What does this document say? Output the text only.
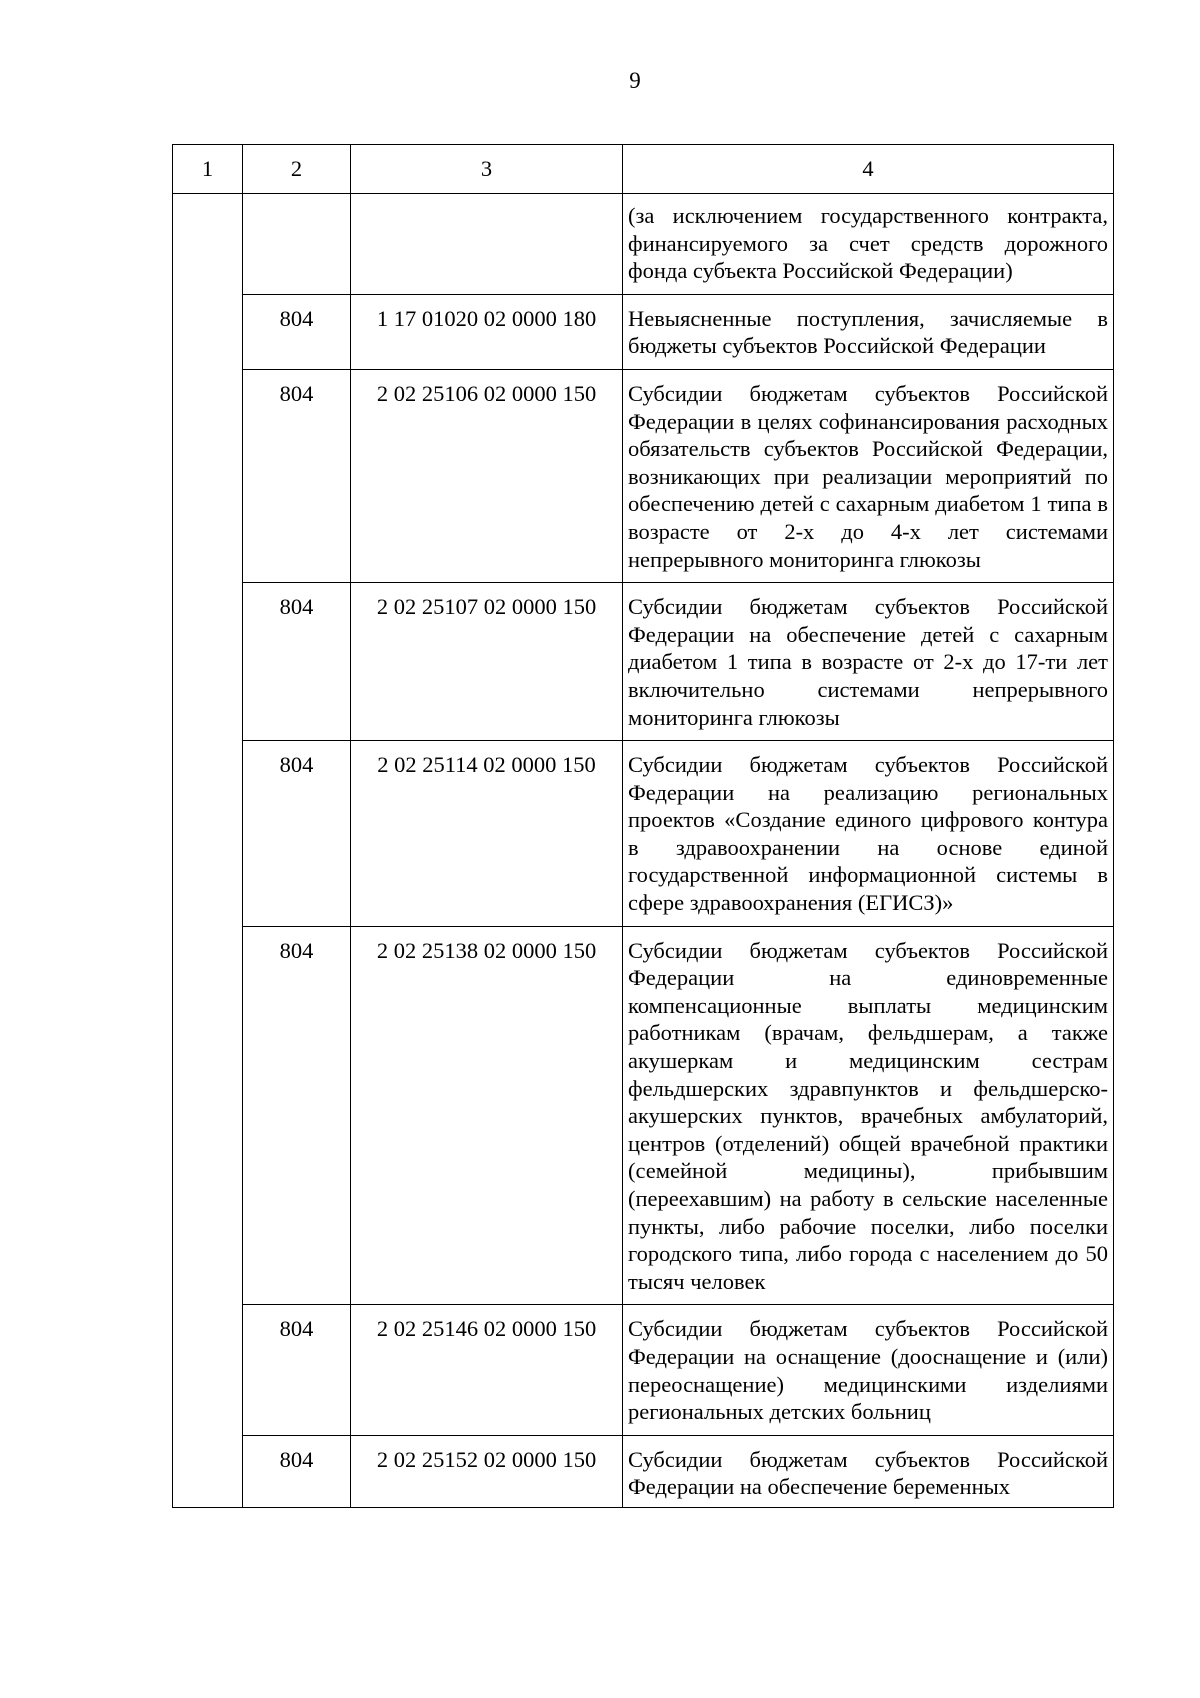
9
1	2	3	4
			(за исключением государственного контракта, финансируемого за счет средств дорожного фонда субъекта Российской Федерации)
	804	1 17 01020 02 0000 180	Невыясненные поступления, зачисляемые в бюджеты субъектов Российской Федерации
	804	2 02 25106 02 0000 150	Субсидии бюджетам субъектов Российской Федерации в целях софинансирования расходных обязательств субъектов Российской Федерации, возникающих при реализации мероприятий по обеспечению детей с сахарным диабетом 1 типа в возрасте от 2-х до 4-х лет системами непрерывного мониторинга глюкозы
	804	2 02 25107 02 0000 150	Субсидии бюджетам субъектов Российской Федерации на обеспечение детей с сахарным диабетом 1 типа в возрасте от 2-х до 17-ти лет включительно системами непрерывного мониторинга глюкозы
	804	2 02 25114 02 0000 150	Субсидии бюджетам субъектов Российской Федерации на реализацию региональных проектов «Создание единого цифрового контура в здравоохранении на основе единой государственной информационной системы в сфере здравоохранения (ЕГИСЗ)»
	804	2 02 25138 02 0000 150	Субсидии бюджетам субъектов Российской Федерации на единовременные компенсационные выплаты медицинским работникам (врачам, фельдшерам, а также акушеркам и медицинским сестрам фельдшерских здравпунктов и фельдшерско-акушерских пунктов, врачебных амбулаторий, центров (отделений) общей врачебной практики (семейной медицины), прибывшим (переехавшим) на работу в сельские населенные пункты, либо рабочие поселки, либо поселки городского типа, либо города с населением до 50 тысяч человек
	804	2 02 25146 02 0000 150	Субсидии бюджетам субъектов Российской Федерации на оснащение (дооснащение и (или) переоснащение) медицинскими изделиями региональных детских больниц
	804	2 02 25152 02 0000 150	Субсидии бюджетам субъектов Российской Федерации на обеспечение беременных
